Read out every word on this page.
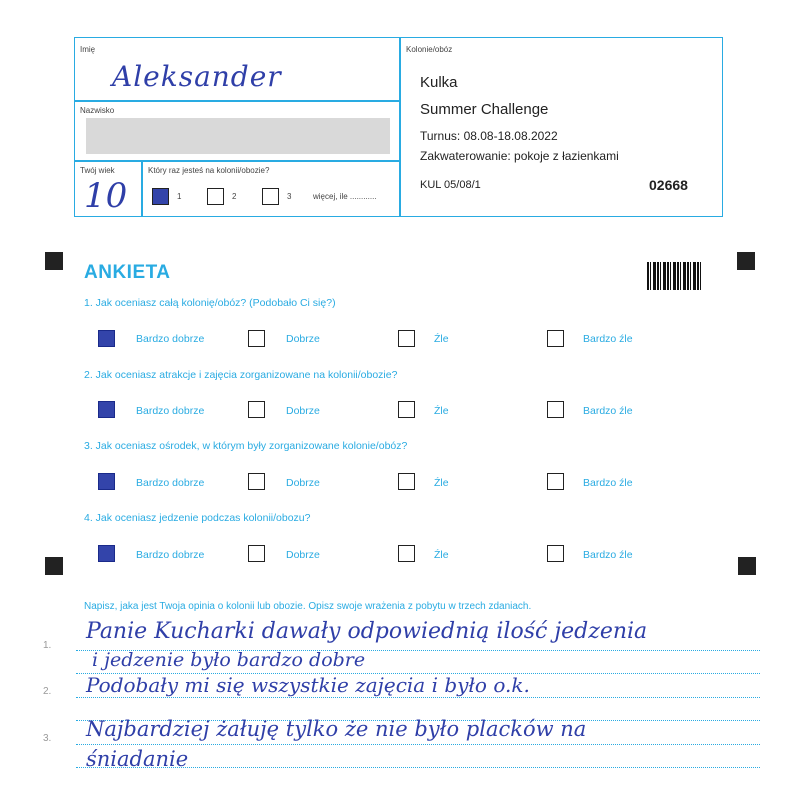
Imię
Aleksander
Nazwisko
Twój wiek
10
Który raz jesteś na kolonii/obozie?
1	2	3	więcej, ile ............
Kolonie/obóz
Kulka
Summer Challenge
Turnus: 08.08-18.08.2022
Zakwaterowanie: pokoje z łazienkami
KUL 05/08/1	02668
ANKIETA
1. Jak oceniasz całą kolonię/obóz? (Podobało Ci się?)
Bardzo dobrze	Dobrze	Źle	Bardzo źle
2. Jak oceniasz atrakcje i zajęcia zorganizowane na kolonii/obozie?
Bardzo dobrze	Dobrze	Źle	Bardzo źle
3. Jak oceniasz ośrodek, w którym były zorganizowane kolonie/obóz?
Bardzo dobrze	Dobrze	Źle	Bardzo źle
4. Jak oceniasz jedzenie podczas kolonii/obozu?
Bardzo dobrze	Dobrze	Źle	Bardzo źle
Napisz, jaka jest Twoja opinia o kolonii lub obozie. Opisz swoje wrażenia z pobytu w trzech zdaniach.
1.
2.
3.
Panie Kucharki dawały odpowiednią ilość jedzenia
i jedzenie było bardzo dobre
Podobały mi się wszystkie zajęcia i było o.k.
Najbardziej żałuję tylko że nie było placków na
śniadanie
